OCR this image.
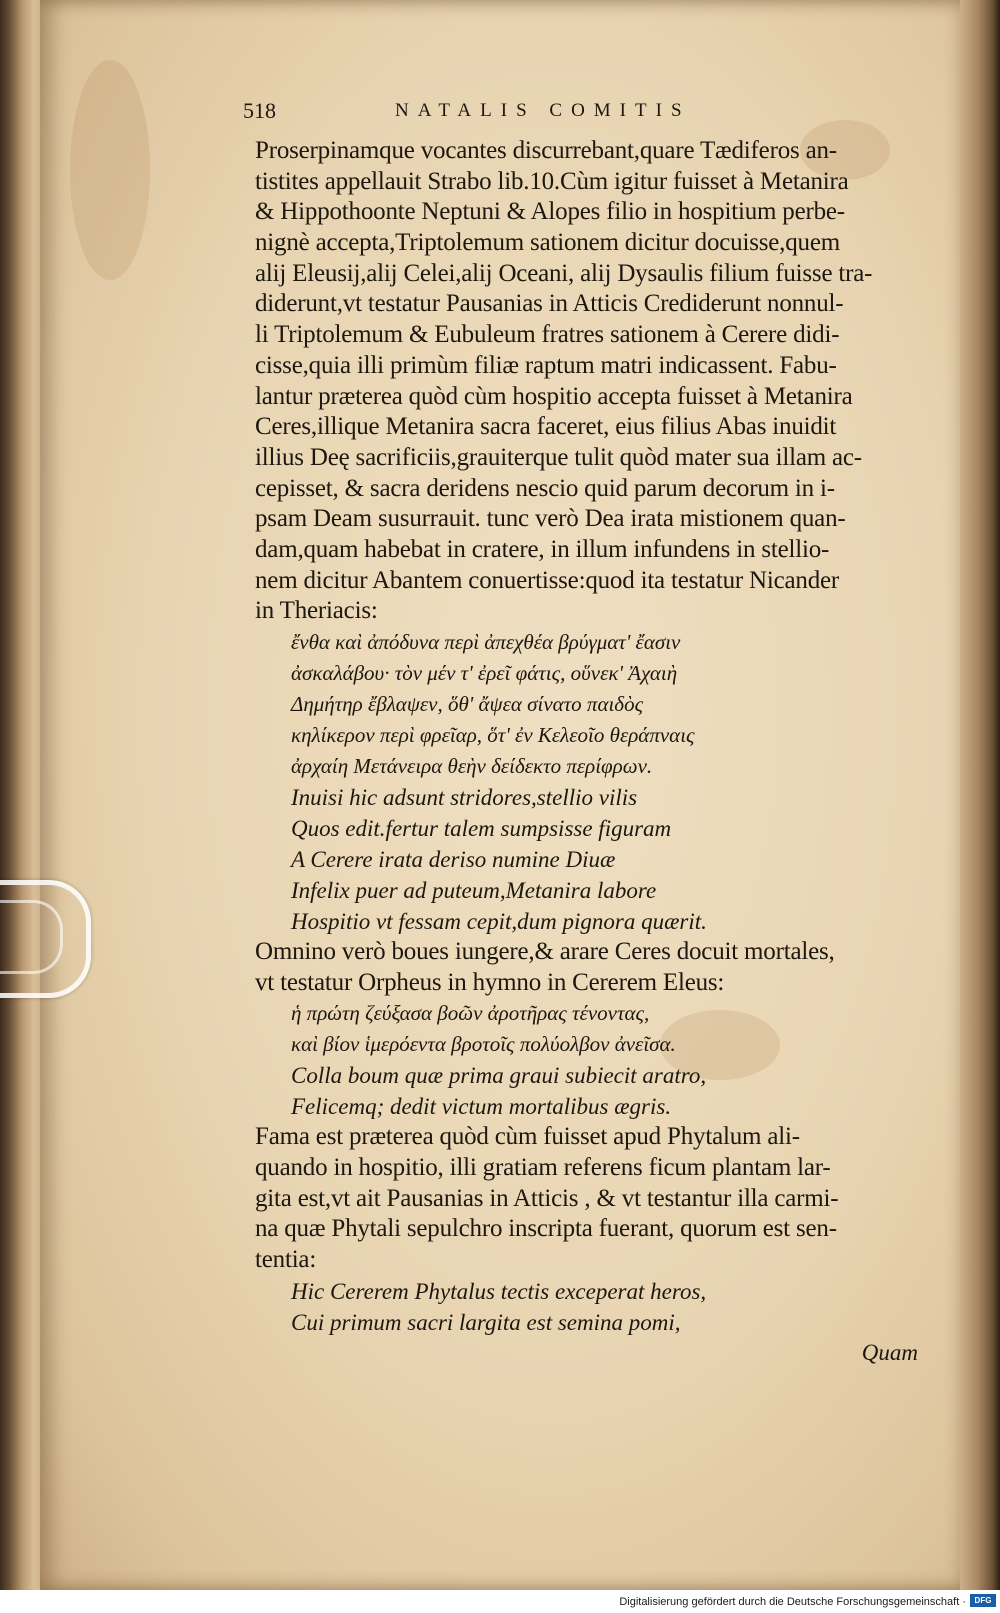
518	NATALIS COMITIS
Proserpinamque vocantes discurrebant,quare Tædiferos an-
tistites appellauit Strabo lib.10.Cùm igitur fuisset à Metanira
& Hippothoonte Neptuni & Alopes filio in hospitium perbe-
nignè accepta,Triptolemum sationem dicitur docuisse,quem
alij Eleusij,alij Celei,alij Oceani, alij Dysaulis filium fuisse tra-
diderunt,vt testatur Pausanias in Atticis Crediderunt nonnul-
li Triptolemum & Eubuleum fratres sationem à Cerere didi-
cisse,quia illi primùm filiæ raptum matri indicassent. Fabu-
lantur præterea quòd cùm hospitio accepta fuisset à Metanira
Ceres,illique Metanira sacra faceret, eius filius Abas inuidit
illius Deę sacrificiis,grauiterque tulit quòd mater sua illam ac-
cepisset, & sacra deridens nescio quid parum decorum in i-
psam Deam susurrauit. tunc verò Dea irata mistionem quan-
dam,quam habebat in cratere, in illum infundens in stellio-
nem dicitur Abantem conuertisse:quod ita testatur Nicander
in Theriacis:
ἔνθα καὶ ἀπόδυνα περὶ ἀπεχθέα βρύγματ' ἔασιν
ἀσκαλάβου· τὸν μέν τ' ἐρεῖ φάτις, οὕνεκ' Ἀχαιὴ
Δημήτηρ ἔβλαψεν, ὅθ' ἄψεα σίνατο παιδὸς
κηλίκερον περὶ φρεῖαρ, ὅτ' ἐν Κελεοῖο θεράπναις
ἀρχαίη Μετάνειρα θεὴν δείδεκτο περίφρων.
Inuisi hic adsunt stridores,stellio vilis
Quos edit.fertur talem sumpsisse figuram
A Cerere irata deriso numine Diuæ
Infelix puer ad puteum,Metanira labore
Hospitio vt fessam cepit,dum pignora quærit.
Omnino verò boues iungere,& arare Ceres docuit mortales,
vt testatur Orpheus in hymno in Cererem Eleus:
ἡ πρώτη ζεύξασα βοῶν ἀροτῆρας τένοντας,
καὶ βίον ἱμερόεντα βροτοῖς πολύολβον ἀνεῖσα.
Colla boum quæ prima graui subiecit aratro,
Felicemq; dedit victum mortalibus ægris.
Fama est præterea quòd cùm fuisset apud Phytalum ali-
quando in hospitio, illi gratiam referens ficum plantam lar-
gita est,vt ait Pausanias in Atticis , & vt testantur illa carmi-
na quæ Phytali sepulchro inscripta fuerant, quorum est sen-
tentia:
Hic Cererem Phytalus tectis exceperat heros,
Cui primum sacri largita est semina pomi,
Quam
Digitalisierung gefördert durch die Deutsche Forschungsgemeinschaft ·	DFG
